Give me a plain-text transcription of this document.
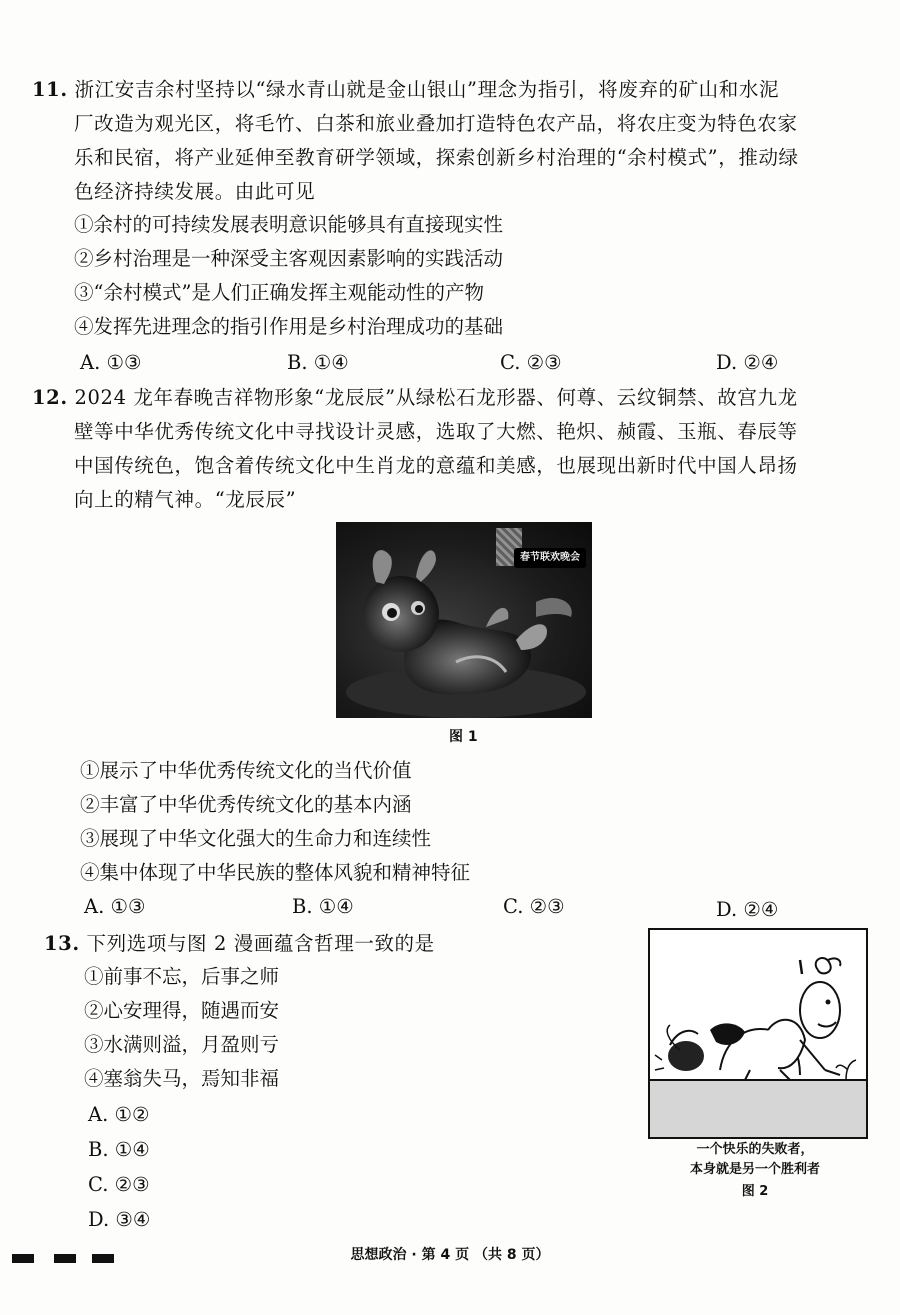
11. 浙江安吉余村坚持以“绿水青山就是金山银山”理念为指引，将废弃的矿山和水泥
厂改造为观光区，将毛竹、白茶和旅业叠加打造特色农产品，将农庄变为特色农家
乐和民宿，将产业延伸至教育研学领域，探索创新乡村治理的“余村模式”，推动绿
色经济持续发展。由此可见
①余村的可持续发展表明意识能够具有直接现实性
②乡村治理是一种深受主客观因素影响的实践活动
③“余村模式”是人们正确发挥主观能动性的产物
④发挥先进理念的指引作用是乡村治理成功的基础
A. ①③	B. ①④	C. ②③	D. ②④
12. 2024 龙年春晚吉祥物形象“龙辰辰”从绿松石龙形器、何尊、云纹铜禁、故宫九龙
壁等中华优秀传统文化中寻找设计灵感，选取了大燃、艳炽、赪霞、玉瓶、春辰等
中国传统色，饱含着传统文化中生肖龙的意蕴和美感，也展现出新时代中国人昂扬
向上的精气神。“龙辰辰”
春节联欢晚会
图 1
①展示了中华优秀传统文化的当代价值
②丰富了中华优秀传统文化的基本内涵
③展现了中华文化强大的生命力和连续性
④集中体现了中华民族的整体风貌和精神特征
A. ①③	B. ①④	C. ②③	D. ②④
13. 下列选项与图 2 漫画蕴含哲理一致的是
①前事不忘，后事之师
②心安理得，随遇而安
③水满则溢，月盈则亏
④塞翁失马，焉知非福
A. ①②
B. ①④
C. ②③
D. ③④
一个快乐的失败者，
本身就是另一个胜利者
图 2
思想政治 · 第 4 页 （共 8 页）
